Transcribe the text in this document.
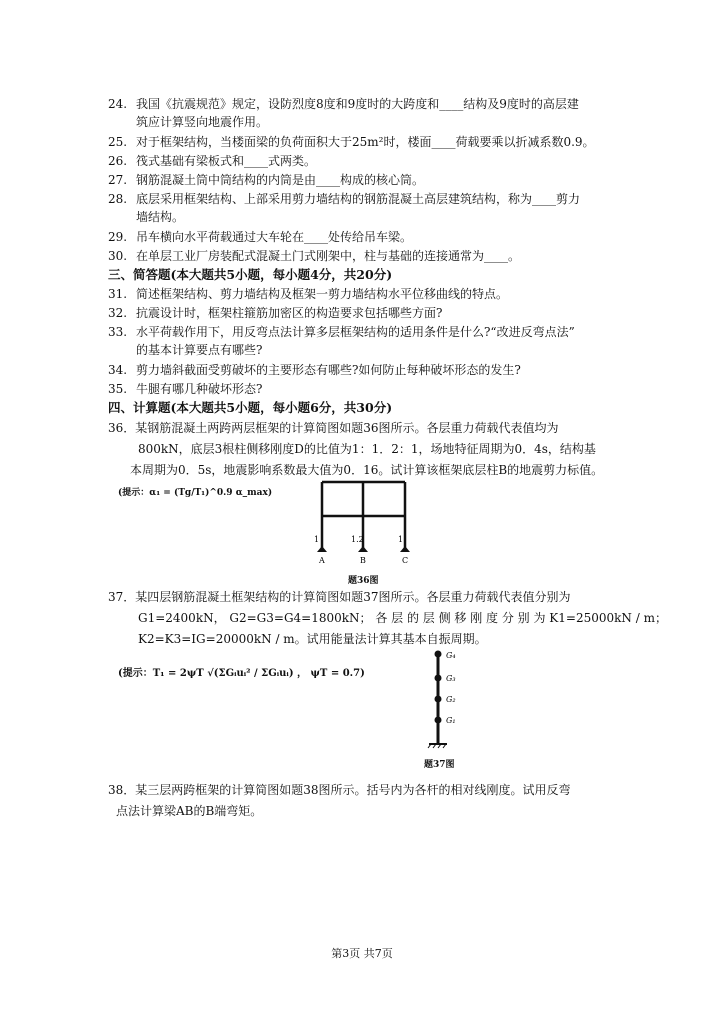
24. 我国《抗震规范》规定，设防烈度8度和9度时的大跨度和____结构及9度时的高层建
筑应计算竖向地震作用。
25. 对于框架结构，当楼面梁的负荷面积大于25m²时，楼面____荷载要乘以折减系数0.9。
26. 筏式基础有梁板式和____式两类。
27. 钢筋混凝土筒中筒结构的内筒是由____构成的核心筒。
28. 底层采用框架结构、上部采用剪力墙结构的钢筋混凝土高层建筑结构，称为____剪力
墙结构。
29. 吊车横向水平荷载通过大车轮在____处传给吊车梁。
30. 在单层工业厂房装配式混凝土门式刚架中，柱与基础的连接通常为____。
三、简答题(本大题共5小题，每小题4分，共20分)
31. 简述框架结构、剪力墙结构及框架一剪力墙结构水平位移曲线的特点。
32. 抗震设计时，框架柱箍筋加密区的构造要求包括哪些方面?
33. 水平荷载作用下，用反弯点法计算多层框架结构的适用条件是什么?“改进反弯点法”
的基本计算要点有哪些?
34. 剪力墙斜截面受剪破坏的主要形态有哪些?如何防止每种破坏形态的发生?
35. 牛腿有哪几种破坏形态?
四、计算题(本大题共5小题，每小题6分，共30分)
36．某钢筋混凝土两跨两层框架的计算简图如题36图所示。各层重力荷载代表值均为
800kN，底层3根柱侧移刚度D的比值为1：1．2：1，场地特征周期为0．4s，结构基
本周期为0．5s，地震影响系数最大值为0．16。试计算该框架底层柱B的地震剪力标值。
(提示：α₁ = (Tg/T₁)^0.9 α_max)
1	1.2	1
A	B	C
题36图
37．某四层钢筋混凝土框架结构的计算简图如题37图所示。各层重力荷载代表值分别为
G1=2400kN， G2=G3=G4=1800kN； 各 层 的 层 侧 移 刚 度 分 别 为 K1=25000kN / m；
K2=K3=IG=20000kN / m。试用能量法计算其基本自振周期。
(提示：T₁ = 2ψT √(ΣGᵢuᵢ² / ΣGᵢuᵢ) ， ψT = 0.7)
G₄
G₃
G₂
G₁
题37图
38．某三层两跨框架的计算简图如题38图所示。括号内为各杆的相对线刚度。试用反弯
点法计算梁AB的B端弯矩。
第3页 共7页
